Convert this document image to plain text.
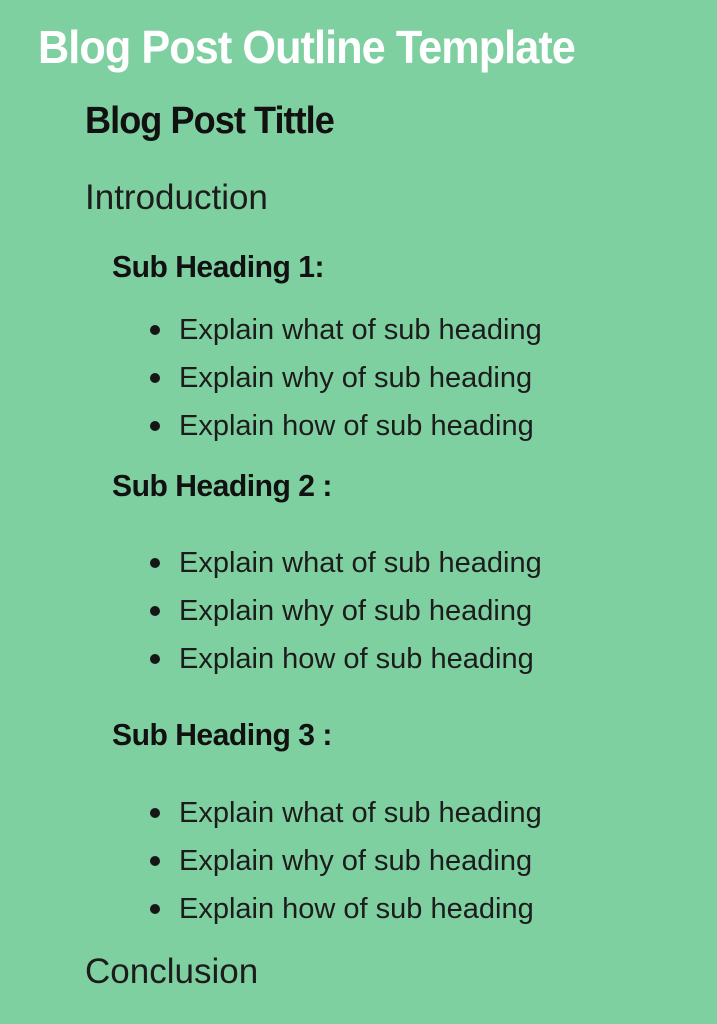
Blog Post Outline Template
Blog Post Tittle
Introduction
Sub Heading 1:
Explain what of sub heading
Explain why of sub heading
Explain how of sub heading
Sub Heading 2 :
Explain what of sub heading
Explain why of sub heading
Explain how of sub heading
Sub Heading 3 :
Explain what of sub heading
Explain why of sub heading
Explain how of sub heading
Conclusion
